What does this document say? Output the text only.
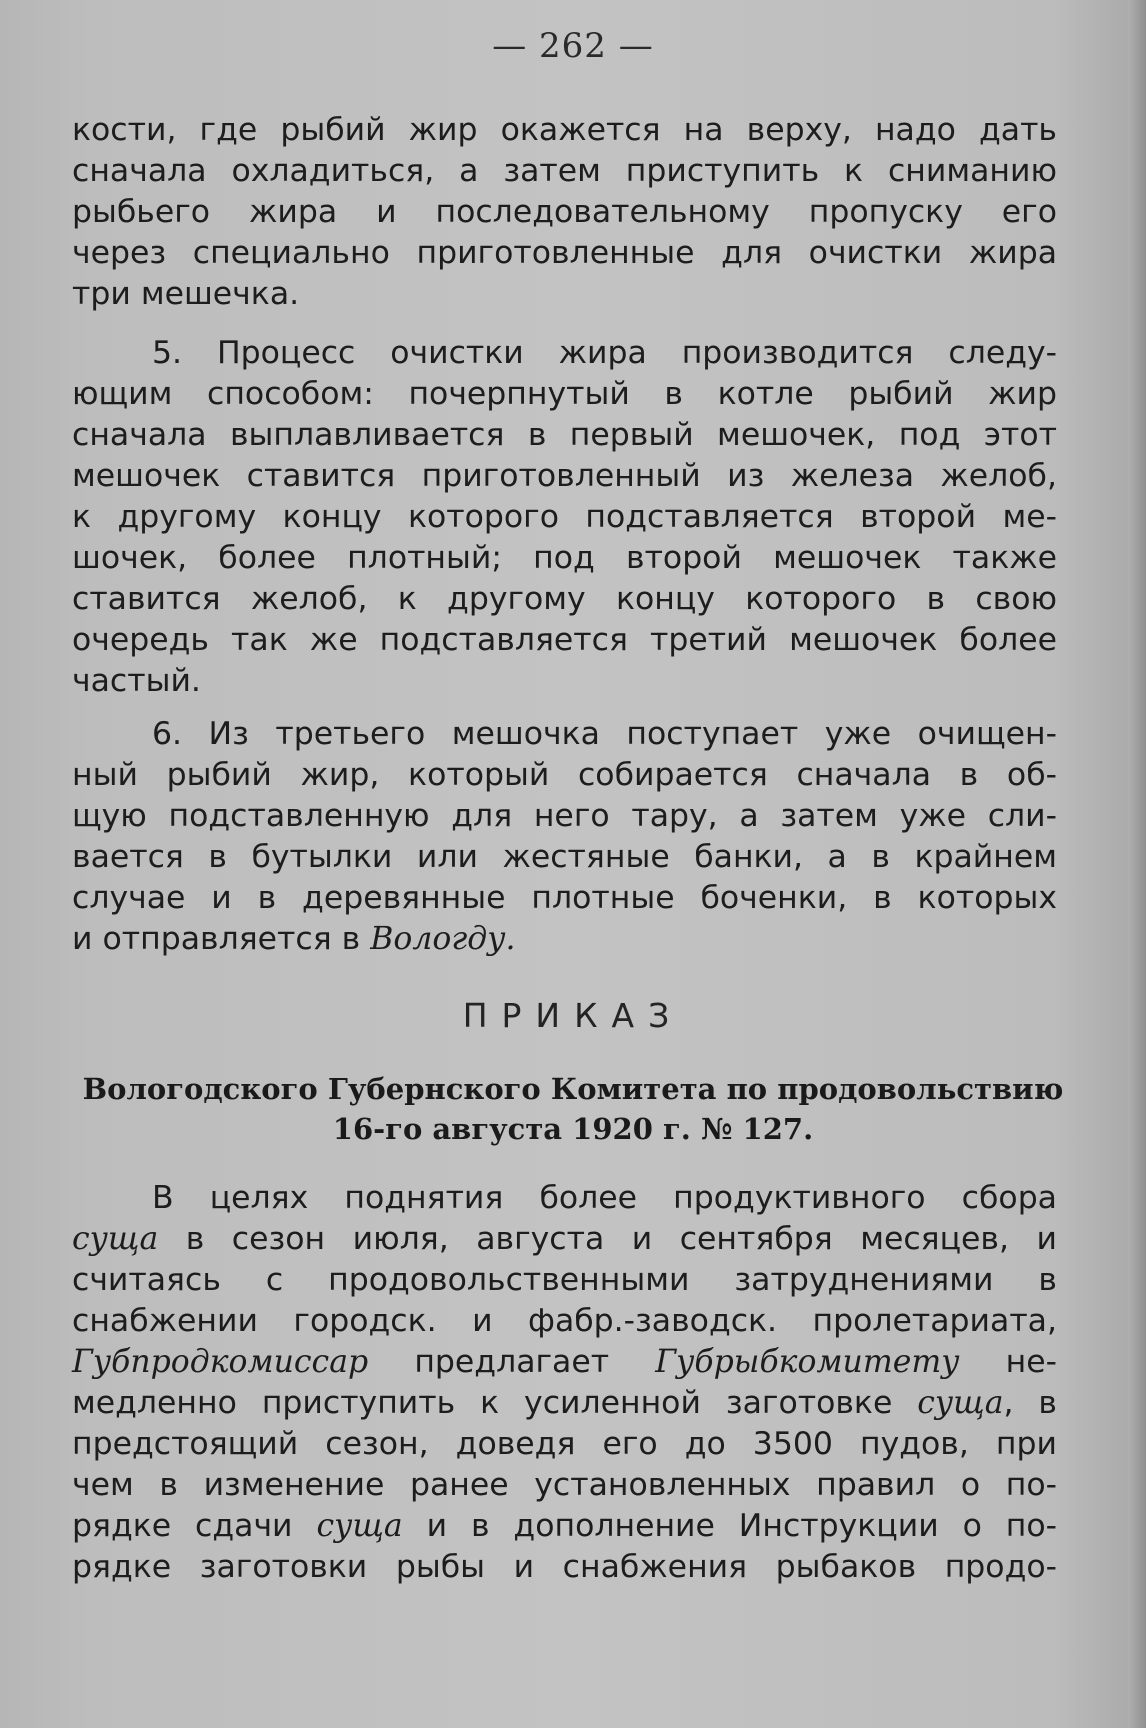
— 262 —
кости, где рыбий жир окажется на верху, надо дать
сначала охладиться, а затем приступить к сниманию
рыбьего жира и последовательному пропуску его
через специально приготовленные для очистки жира
три мешечка.
5. Процесс очистки жира производится следу-
ющим способом: почерпнутый в котле рыбий жир
сначала выплавливается в первый мешочек, под этот
мешочек ставится приготовленный из железа желоб,
к другому концу которого подставляется второй ме-
шочек, более плотный; под второй мешочек также
ставится желоб, к другому концу которого в свою
очередь так же подставляется третий мешочек более
частый.
6. Из третьего мешочка поступает уже очищен-
ный рыбий жир, который собирается сначала в об-
щую подставленную для него тару, а затем уже сли-
вается в бутылки или жестяные банки, а в крайнем
случае и в деревянные плотные боченки, в которых
и отправляется в Вологду.
ПРИКАЗ
Вологодского Губернского Комитета по продовольствию
16-го августа 1920 г. № 127.
В целях поднятия более продуктивного сбора
суща в сезон июля, августа и сентября месяцев, и
считаясь с продовольственными затруднениями в
снабжении городск. и фабр.-заводск. пролетариата,
Губпродкомиссар предлагает Губрыбкомитету не-
медленно приступить к усиленной заготовке суща, в
предстоящий сезон, доведя его до 3500 пудов, при
чем в изменение ранее установленных правил о по-
рядке сдачи суща и в дополнение Инструкции о по-
рядке заготовки рыбы и снабжения рыбаков продо-
